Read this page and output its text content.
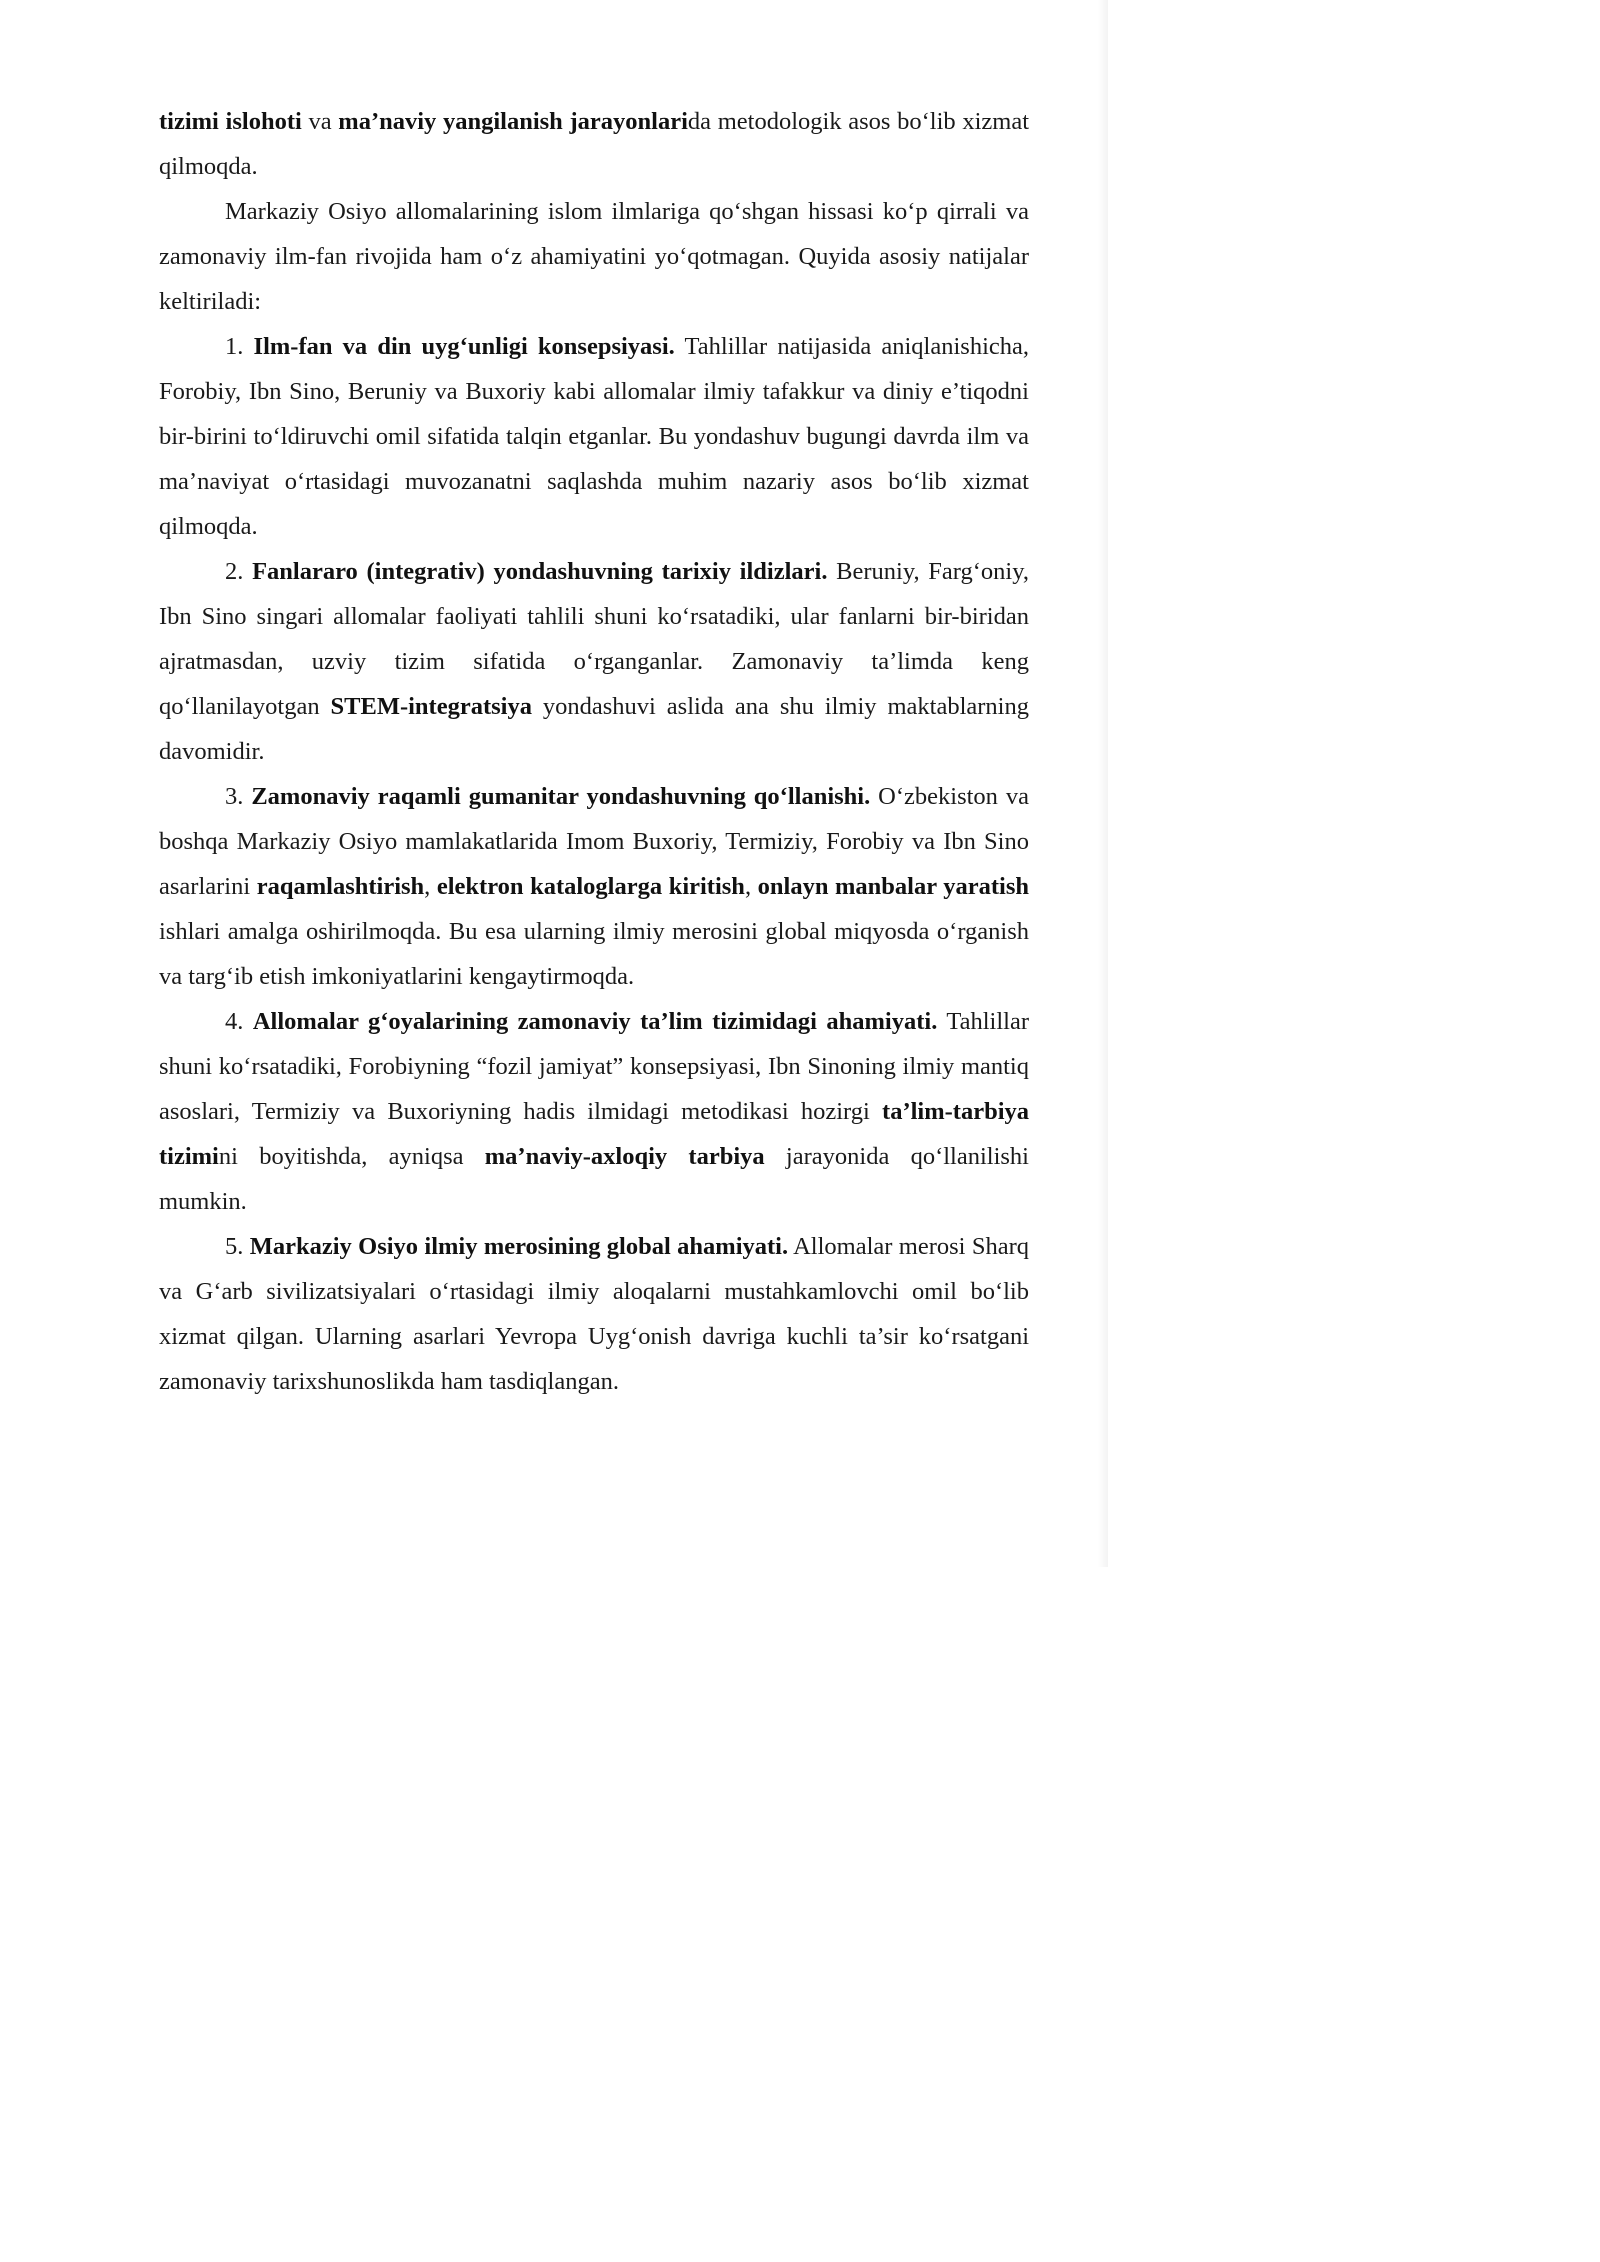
tizimi islohoti va ma’naviy yangilanish jarayonlarida metodologik asos bo‘lib xizmat qilmoqda.

Markaziy Osiyo allomalarining islom ilmlariga qo‘shgan hissasi ko‘p qirrali va zamonaviy ilm-fan rivojida ham o‘z ahamiyatini yo‘qotmagan. Quyida asosiy natijalar keltiriladi:

1. Ilm-fan va din uyg‘unligi konsepsiyasi. Tahlillar natijasida aniqlanishicha, Forobiy, Ibn Sino, Beruniy va Buxoriy kabi allomalar ilmiy tafakkur va diniy e’tiqodni bir-birini to‘ldiruvchi omil sifatida talqin etganlar. Bu yondashuv bugungi davrda ilm va ma’naviyat o‘rtasidagi muvozanatni saqlashda muhim nazariy asos bo‘lib xizmat qilmoqda.

2. Fanlararo (integrativ) yondashuvning tarixiy ildizlari. Beruniy, Farg‘oniy, Ibn Sino singari allomalar faoliyati tahlili shuni ko‘rsatadiki, ular fanlarni bir-biridan ajratmasdan, uzviy tizim sifatida o‘rganganlar. Zamonaviy ta’limda keng qo‘llanilayotgan STEM-integratsiya yondashuvi aslida ana shu ilmiy maktablarning davomidir.

3. Zamonaviy raqamli gumanitar yondashuvning qo‘llanishi. O‘zbekiston va boshqa Markaziy Osiyo mamlakatlarida Imom Buxoriy, Termiziy, Forobiy va Ibn Sino asarlarini raqamlashtirish, elektron kataloglarga kiritish, onlayn manbalar yaratish ishlari amalga oshirilmoqda. Bu esa ularning ilmiy merosini global miqyosda o‘rganish va targ‘ib etish imkoniyatlarini kengaytirmoqda.

4. Allomalar g‘oyalarining zamonaviy ta’lim tizimidagi ahamiyati. Tahlillar shuni ko‘rsatadiki, Forobiyning “fozil jamiyat” konsepsiyasi, Ibn Sinoning ilmiy mantiq asoslari, Termiziy va Buxoriyning hadis ilmidagi metodikasi hozirgi ta’lim-tarbiya tizimini boyitishda, ayniqsa ma’naviy-axloqiy tarbiya jarayonida qo‘llanilishi mumkin.

5. Markaziy Osiyo ilmiy merosining global ahamiyati. Allomalar merosi Sharq va G‘arb sivilizatsiyalari o‘rtasidagi ilmiy aloqalarni mustahkamlovchi omil bo‘lib xizmat qilgan. Ularning asarlari Yevropa Uyg‘onish davriga kuchli ta’sir ko‘rsatgani zamonaviy tarixshunoslikda ham tasdiqlangan.
